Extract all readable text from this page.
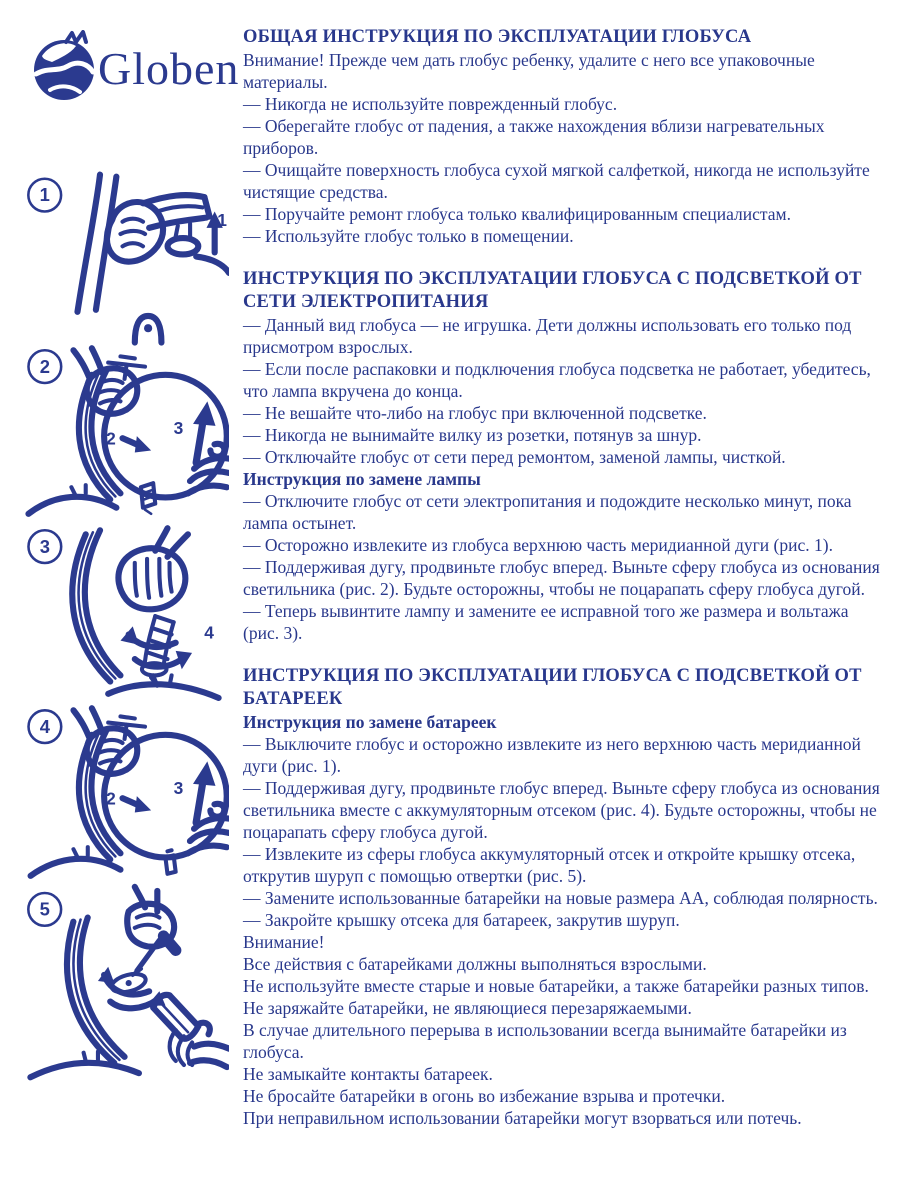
Globen
1
1
2
2
3
3
4
4
2
3
5
ОБЩАЯ ИНСТРУКЦИЯ ПО ЭКСПЛУАТАЦИИ ГЛОБУСА

Внимание! Прежде чем дать глобус ребенку, удалите с него все упаковочные материалы.

— Никогда не используйте поврежденный глобус.

— Оберегайте глобус от падения, а также нахождения вблизи нагревательных приборов.

— Очищайте поверхность глобуса сухой мягкой салфеткой, никогда не используйте чистящие средства.

— Поручайте ремонт глобуса только квалифицированным специалистам.

— Используйте глобус только в помещении.

ИНСТРУКЦИЯ ПО ЭКСПЛУАТАЦИИ ГЛОБУСА С ПОДСВЕТКОЙ ОТ СЕТИ ЭЛЕКТРОПИТАНИЯ

— Данный вид глобуса — не игрушка. Дети должны использовать его только под присмотром взрослых.

— Если после распаковки и подключения глобуса подсветка не работает, убедитесь, что лампа вкручена до конца.

— Не вешайте что-либо на глобус при включенной подсветке.

— Никогда не вынимайте вилку из розетки, потянув за шнур.

— Отключайте глобус от сети перед ремонтом, заменой лампы, чисткой.

Инструкция по замене лампы

— Отключите глобус от сети электропитания и подождите несколько минут, пока лампа остынет.

— Осторожно извлеките из глобуса верхнюю часть меридианной дуги (рис. 1).

— Поддерживая дугу, продвиньте глобус вперед. Выньте сферу глобуса из основания светильника (рис. 2). Будьте осторожны, чтобы не поцарапать сферу глобуса дугой.

— Теперь вывинтите лампу и замените ее исправной того же размера и вольтажа (рис. 3).

ИНСТРУКЦИЯ ПО ЭКСПЛУАТАЦИИ ГЛОБУСА С ПОДСВЕТКОЙ ОТ БАТАРЕЕК

Инструкция по замене батареек

— Выключите глобус и осторожно извлеките из него верхнюю часть меридианной дуги (рис. 1).

— Поддерживая дугу, продвиньте глобус вперед. Выньте сферу глобуса из основания светильника вместе с аккумуляторным отсеком (рис. 4). Будьте осторожны, чтобы не поцарапать сферу глобуса дугой.

— Извлеките из сферы глобуса аккумуляторный отсек и откройте крышку отсека, открутив шуруп с помощью отвертки (рис. 5).

— Замените использованные батарейки на новые размера АА, соблюдая полярность.

— Закройте крышку отсека для батареек, закрутив шуруп.

Внимание!

Все действия с батарейками должны выполняться взрослыми.

Не используйте вместе старые и новые батарейки, а также батарейки разных типов.

Не заряжайте батарейки, не являющиеся перезаряжаемыми.

В случае длительного перерыва в использовании всегда вынимайте батарейки из глобуса.

Не замыкайте контакты батареек.

Не бросайте батарейки в огонь во избежание взрыва и протечки.

При неправильном использовании батарейки могут взорваться или потечь.
